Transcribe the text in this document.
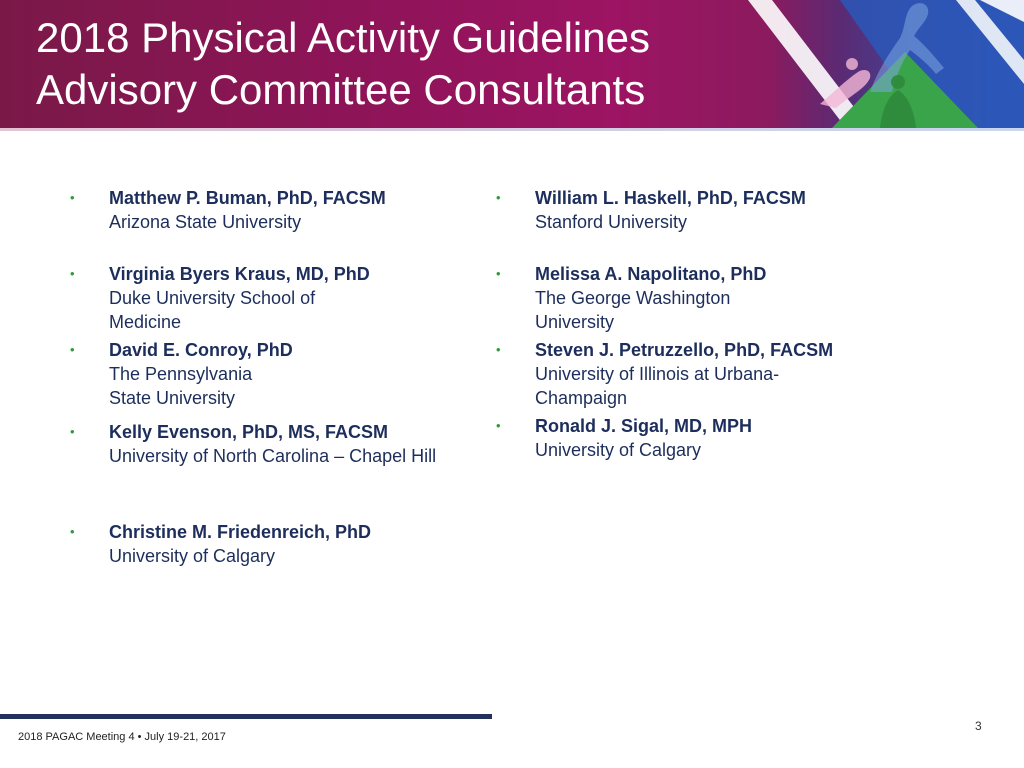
2018 Physical Activity Guidelines
Advisory Committee Consultants
• Matthew P. Buman, PhD, FACSM
Arizona State University
• Virginia Byers Kraus, MD, PhD
Duke University School of Medicine
• David E. Conroy, PhD
The Pennsylvania State University
• Kelly Evenson, PhD, MS, FACSM
University of North Carolina – Chapel Hill
• Christine M. Friedenreich, PhD
University of Calgary
• William L. Haskell, PhD, FACSM
Stanford University
• Melissa A. Napolitano, PhD
The George Washington University
• Steven J. Petruzzello, PhD, FACSM
University of Illinois at Urbana-Champaign
• Ronald J. Sigal, MD, MPH
University of Calgary
2018 PAGAC Meeting 4 • July 19-21, 2017
3
